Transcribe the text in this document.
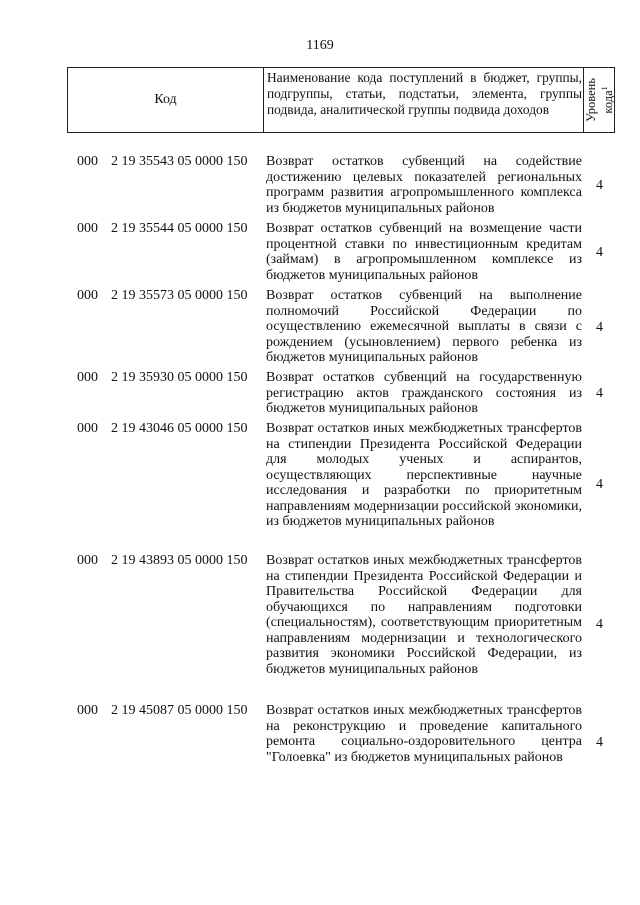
1169
Код
Наименование кода поступлений в бюджет, группы, подгруппы, статьи, подстатьи, элемента, группы подвида, аналитической группы подвида доходов	Уровень кода$^1$
000 2 19 35543 05 0000 150 Возврат остатков субвенций на содействие достижению целевых показателей региональных программ развития агропромышленного комплекса из бюджетов муниципальных районов
4
000 2 19 35544 05 0000 150 Возврат остатков субвенций на возмещение части процентной ставки по инвестиционным кредитам (займам) в агропромышленном комплексе из бюджетов муниципальных районов
4
000 2 19 35573 05 0000 150 Возврат остатков субвенций на выполнение полномочий Российской Федерации по осуществлению ежемесячной выплаты в связи с рождением (усыновлением) первого ребенка из бюджетов муниципальных районов
4
000 2 19 35930 05 0000 150 Возврат остатков субвенций на государственную регистрацию актов гражданского состояния из бюджетов муниципальных районов
4
000 2 19 43046 05 0000 150 Возврат остатков иных межбюджетных трансфертов на стипендии Президента Российской Федерации для молодых ученых и аспирантов, осуществляющих перспективные научные исследования и разработки по приоритетным направлениям модернизации российской экономики, из бюджетов муниципальных районов
4
000 2 19 43893 05 0000 150 Возврат остатков иных межбюджетных трансфертов на стипендии Президента Российской Федерации и Правительства Российской Федерации для обучающихся по направлениям подготовки (специальностям), соответствующим приоритетным направлениям модернизации и технологического развития экономики Российской Федерации, из бюджетов муниципальных районов
4
000 2 19 45087 05 0000 150 Возврат остатков иных межбюджетных трансфертов на реконструкцию и проведение капитального ремонта социально-оздоровительного центра "Голоевка" из бюджетов муниципальных районов
4
